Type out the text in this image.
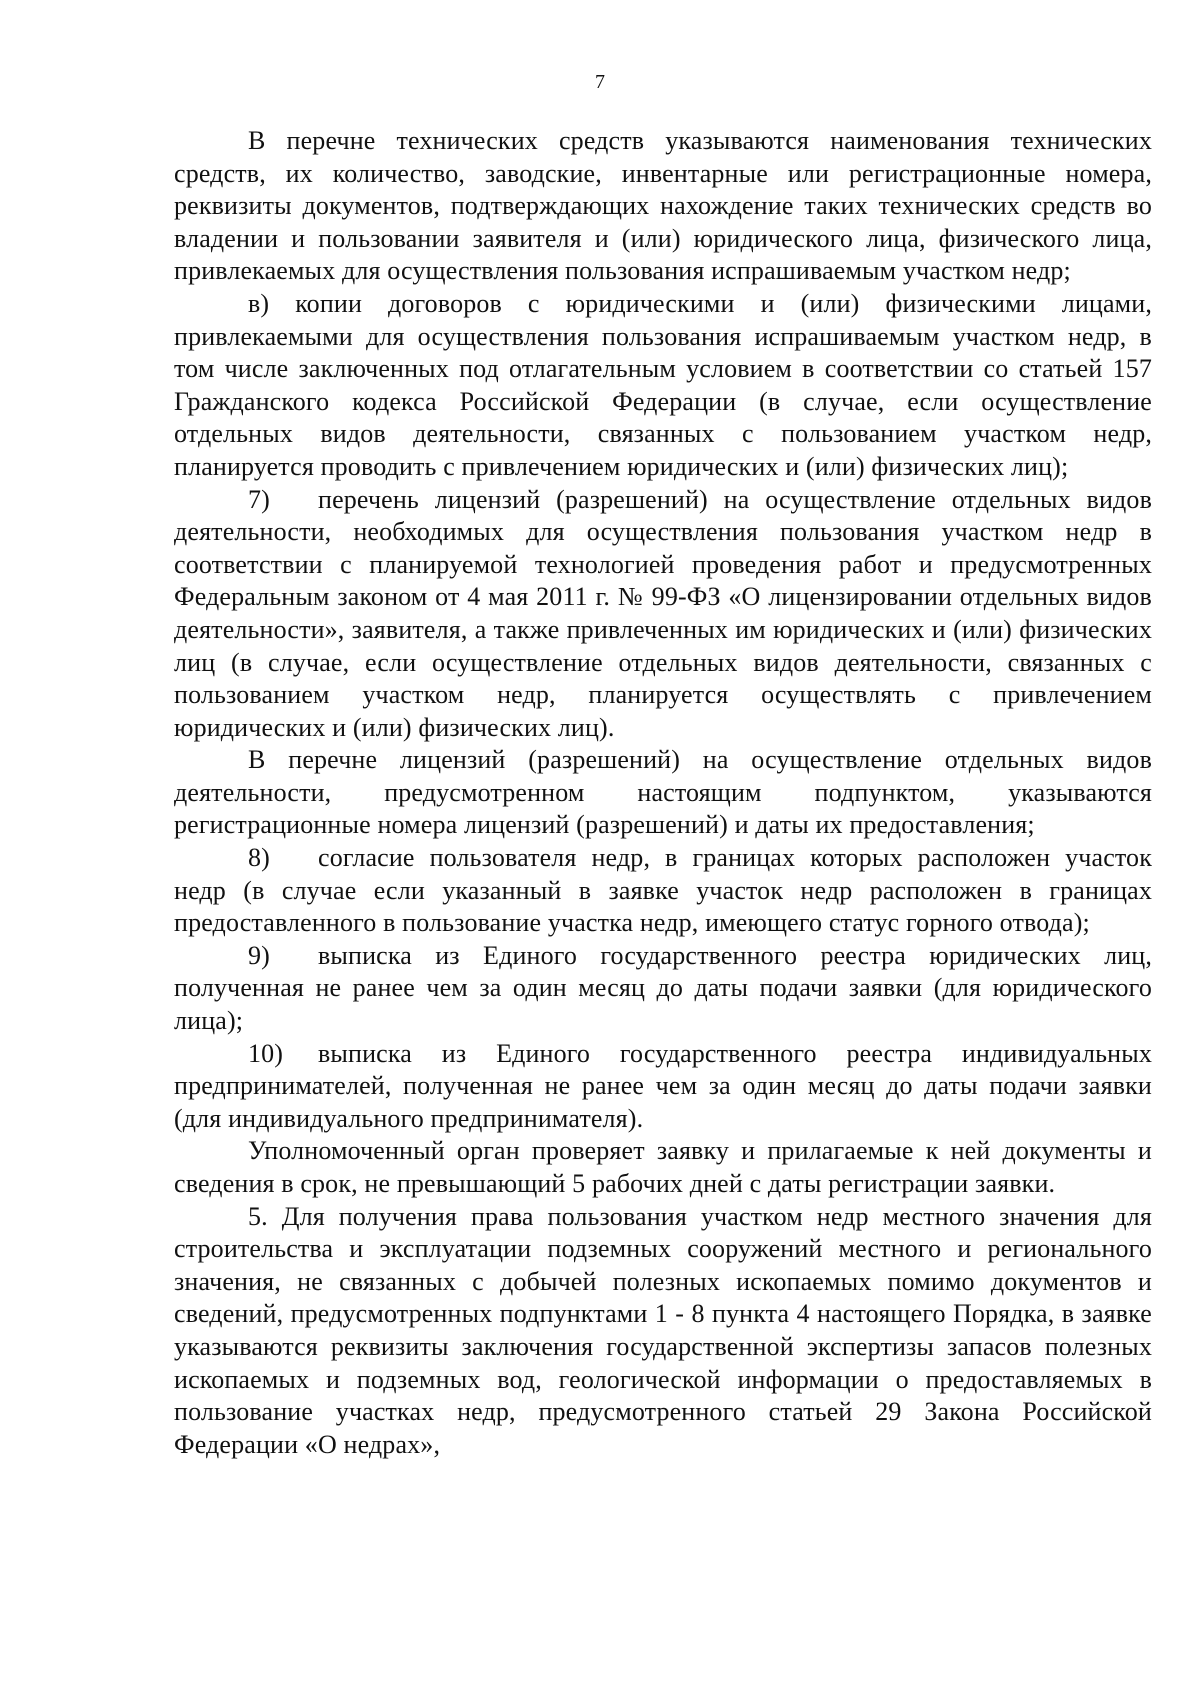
7

В перечне технических средств указываются наименования технических средств, их количество, заводские, инвентарные или регистрационные номера, реквизиты документов, подтверждающих нахождение таких технических средств во владении и пользовании заявителя и (или) юридического лица, физического лица, привлекаемых для осуществления пользования испрашиваемым участком недр;

в) копии договоров с юридическими и (или) физическими лицами, привлекаемыми для осуществления пользования испрашиваемым участком недр, в том числе заключенных под отлагательным условием в соответствии со статьей 157 Гражданского кодекса Российской Федерации (в случае, если осуществление отдельных видов деятельности, связанных с пользованием участком недр, планируется проводить с привлечением юридических и (или) физических лиц);

7) перечень лицензий (разрешений) на осуществление отдельных видов деятельности, необходимых для осуществления пользования участком недр в соответствии с планируемой технологией проведения работ и предусмотренных Федеральным законом от 4 мая 2011 г. № 99-ФЗ «О лицензировании отдельных видов деятельности», заявителя, а также привлеченных им юридических и (или) физических лиц (в случае, если осуществление отдельных видов деятельности, связанных с пользованием участком недр, планируется осуществлять с привлечением юридических и (или) физических лиц).

В перечне лицензий (разрешений) на осуществление отдельных видов деятельности, предусмотренном настоящим подпунктом, указываются регистрационные номера лицензий (разрешений) и даты их предоставления;

8) согласие пользователя недр, в границах которых расположен участок недр (в случае если указанный в заявке участок недр расположен в границах предоставленного в пользование участка недр, имеющего статус горного отвода);

9) выписка из Единого государственного реестра юридических лиц, полученная не ранее чем за один месяц до даты подачи заявки (для юридического лица);

10) выписка из Единого государственного реестра индивидуальных предпринимателей, полученная не ранее чем за один месяц до даты подачи заявки (для индивидуального предпринимателя).

Уполномоченный орган проверяет заявку и прилагаемые к ней документы и сведения в срок, не превышающий 5 рабочих дней с даты регистрации заявки.

5. Для получения права пользования участком недр местного значения для строительства и эксплуатации подземных сооружений местного и регионального значения, не связанных с добычей полезных ископаемых помимо документов и сведений, предусмотренных подпунктами 1 - 8 пункта 4 настоящего Порядка, в заявке указываются реквизиты заключения государственной экспертизы запасов полезных ископаемых и подземных вод, геологической информации о предоставляемых в пользование участках недр, предусмотренного статьей 29 Закона Российской Федерации «О недрах»,
